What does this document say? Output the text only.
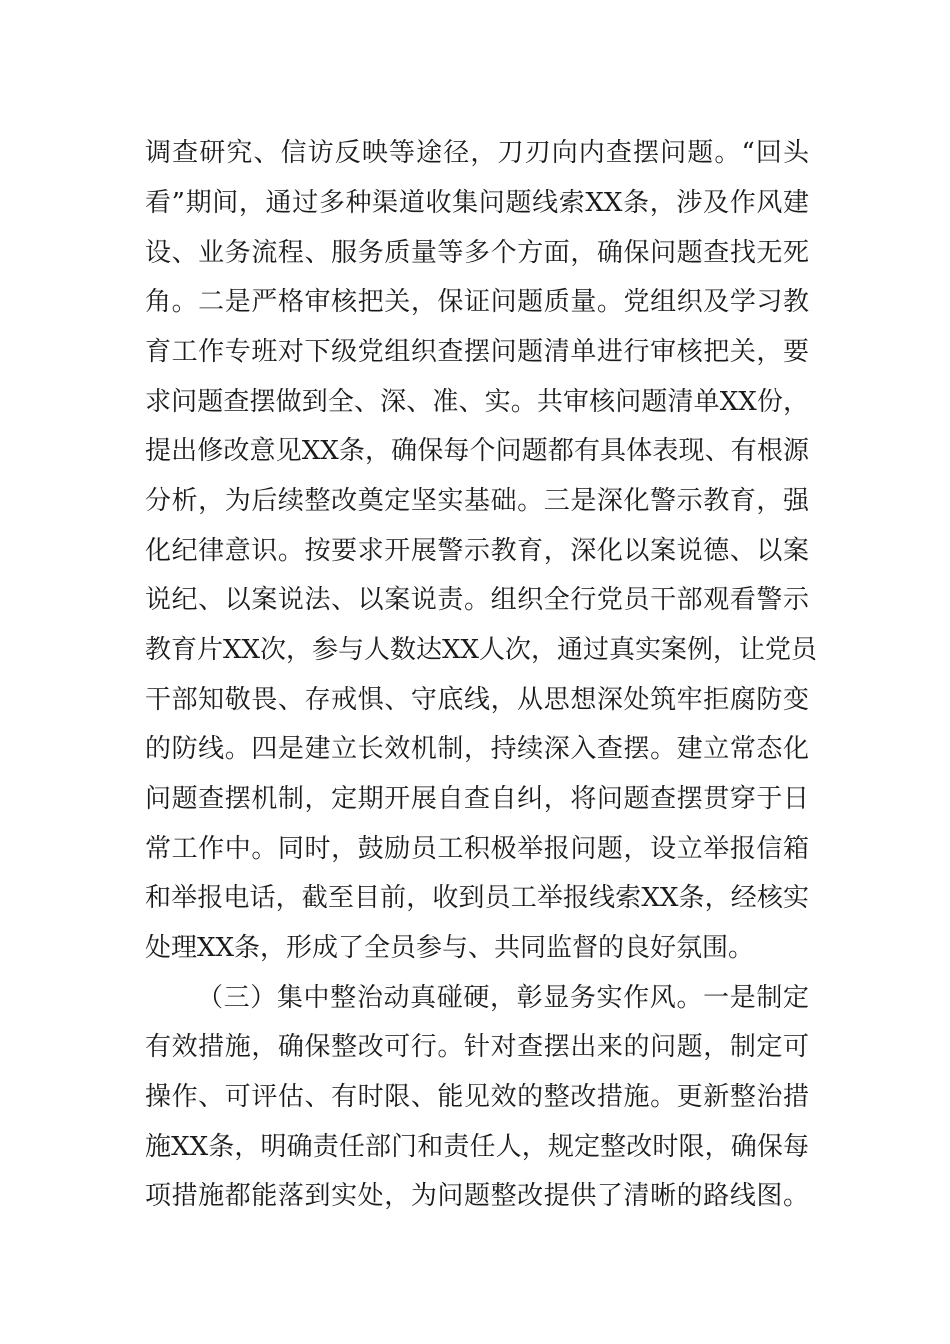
调查研究、信访反映等途径，刀刃向内查摆问题。“回头
看”期间，通过多种渠道收集问题线索XX条，涉及作风建
设、业务流程、服务质量等多个方面，确保问题查找无死
角。二是严格审核把关，保证问题质量。党组织及学习教
育工作专班对下级党组织查摆问题清单进行审核把关，要
求问题查摆做到全、深、准、实。共审核问题清单XX份，
提出修改意见XX条，确保每个问题都有具体表现、有根源
分析，为后续整改奠定坚实基础。三是深化警示教育，强
化纪律意识。按要求开展警示教育，深化以案说德、以案
说纪、以案说法、以案说责。组织全行党员干部观看警示
教育片XX次，参与人数达XX人次，通过真实案例，让党员
干部知敬畏、存戒惧、守底线，从思想深处筑牢拒腐防变
的防线。四是建立长效机制，持续深入查摆。建立常态化
问题查摆机制，定期开展自查自纠，将问题查摆贯穿于日
常工作中。同时，鼓励员工积极举报问题，设立举报信箱
和举报电话，截至目前，收到员工举报线索XX条，经核实
处理XX条，形成了全员参与、共同监督的良好氛围。
（三）集中整治动真碰硬，彰显务实作风。一是制定
有效措施，确保整改可行。针对查摆出来的问题，制定可
操作、可评估、有时限、能见效的整改措施。更新整治措
施XX条，明确责任部门和责任人，规定整改时限，确保每
项措施都能落到实处，为问题整改提供了清晰的路线图。
